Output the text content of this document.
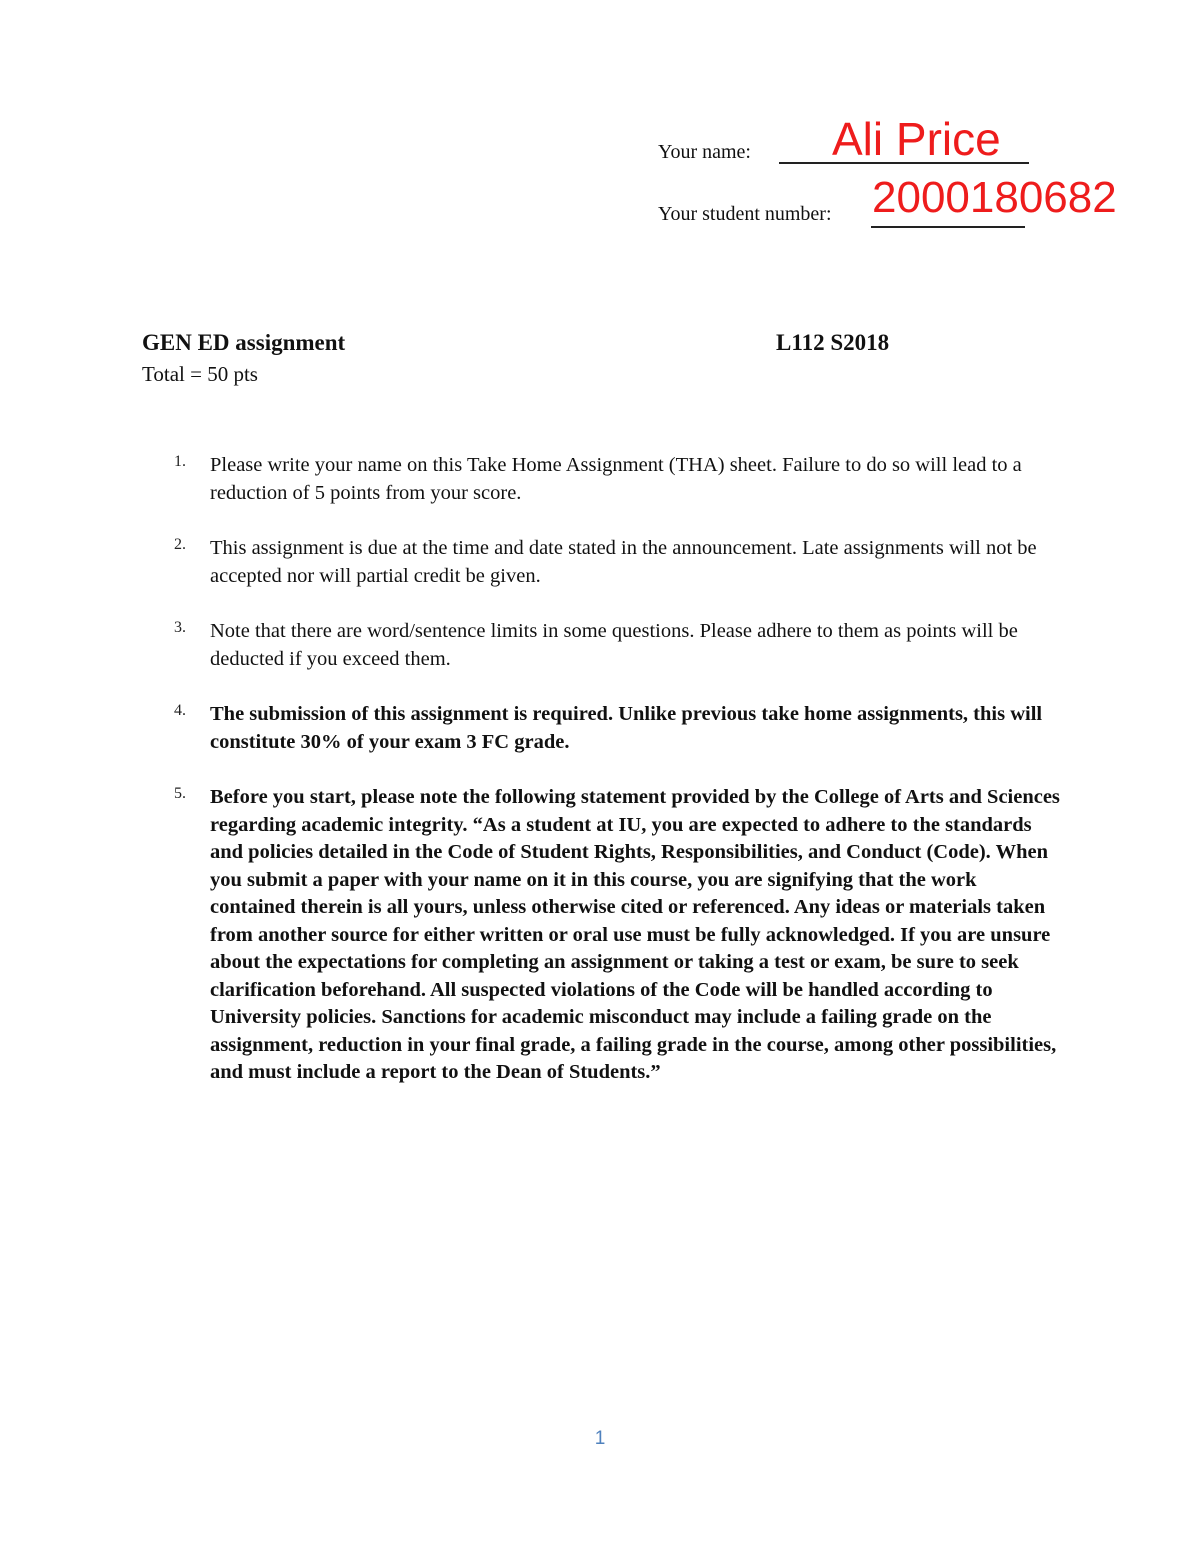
Your name: Ali Price
Your student number: 2000180682
GEN ED assignment	L112 S2018
Total = 50 pts
1. Please write your name on this Take Home Assignment (THA) sheet. Failure to do so will lead to a reduction of 5 points from your score.
2. This assignment is due at the time and date stated in the announcement. Late assignments will not be accepted nor will partial credit be given.
3. Note that there are word/sentence limits in some questions. Please adhere to them as points will be deducted if you exceed them.
4. The submission of this assignment is required. Unlike previous take home assignments, this will constitute 30% of your exam 3 FC grade.
5. Before you start, please note the following statement provided by the College of Arts and Sciences regarding academic integrity. “As a student at IU, you are expected to adhere to the standards and policies detailed in the Code of Student Rights, Responsibilities, and Conduct (Code). When you submit a paper with your name on it in this course, you are signifying that the work contained therein is all yours, unless otherwise cited or referenced. Any ideas or materials taken from another source for either written or oral use must be fully acknowledged. If you are unsure about the expectations for completing an assignment or taking a test or exam, be sure to seek clarification beforehand. All suspected violations of the Code will be handled according to University policies. Sanctions for academic misconduct may include a failing grade on the assignment, reduction in your final grade, a failing grade in the course, among other possibilities, and must include a report to the Dean of Students.”
1
